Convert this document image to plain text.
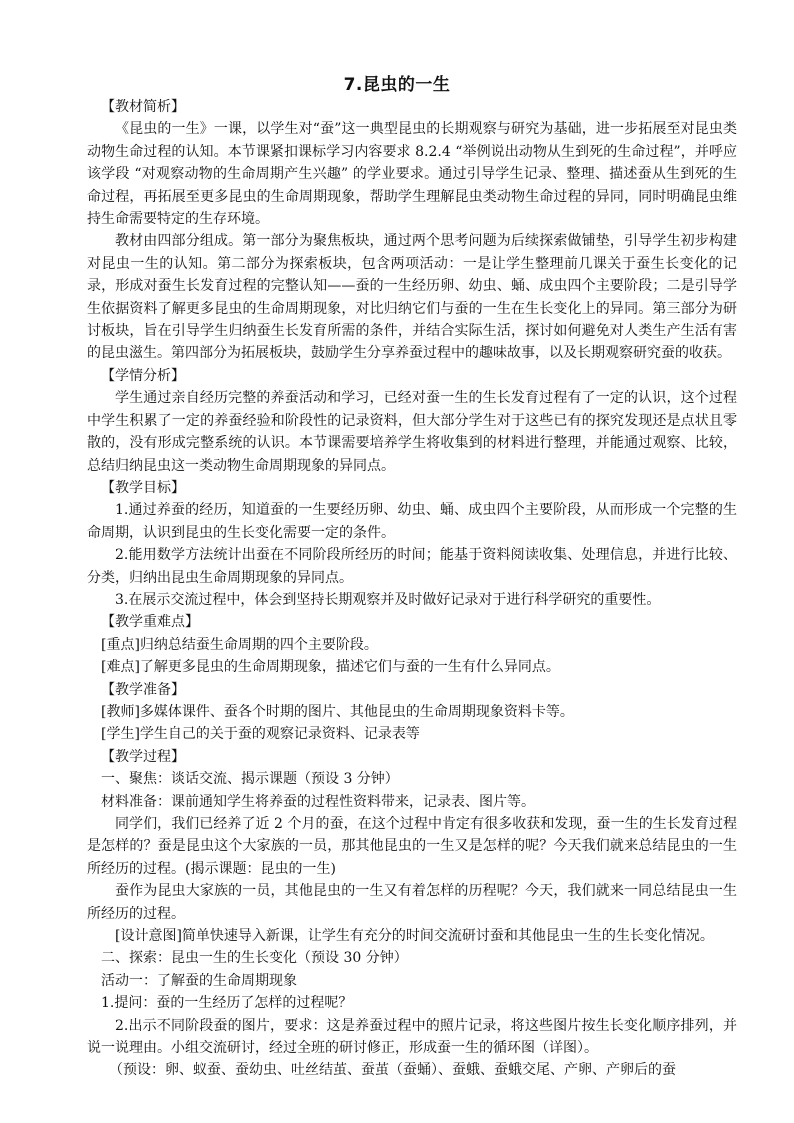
7.昆虫的一生

【教材简析】

《昆虫的一生》一课，以学生对“蚕”这一典型昆虫的长期观察与研究为基础，进一步拓展至对昆虫类动物生命过程的认知。本节课紧扣课标学习内容要求 8.2.4 “举例说出动物从生到死的生命过程”，并呼应该学段 “对观察动物的生命周期产生兴趣” 的学业要求。通过引导学生记录、整理、描述蚕从生到死的生命过程，再拓展至更多昆虫的生命周期现象，帮助学生理解昆虫类动物生命过程的异同，同时明确昆虫维持生命需要特定的生存环境。

教材由四部分组成。第一部分为聚焦板块，通过两个思考问题为后续探索做铺垫，引导学生初步构建对昆虫一生的认知。第二部分为探索板块，包含两项活动：一是让学生整理前几课关于蚕生长变化的记录，形成对蚕生长发育过程的完整认知——蚕的一生经历卵、幼虫、蛹、成虫四个主要阶段；二是引导学生依据资料了解更多昆虫的生命周期现象，对比归纳它们与蚕的一生在生长变化上的异同。第三部分为研讨板块，旨在引导学生归纳蚕生长发育所需的条件，并结合实际生活，探讨如何避免对人类生产生活有害的昆虫滋生。第四部分为拓展板块，鼓励学生分享养蚕过程中的趣味故事，以及长期观察研究蚕的收获。

【学情分析】

学生通过亲自经历完整的养蚕活动和学习，已经对蚕一生的生长发育过程有了一定的认识，这个过程中学生积累了一定的养蚕经验和阶段性的记录资料，但大部分学生对于这些已有的探究发现还是点状且零散的，没有形成完整系统的认识。本节课需要培养学生将收集到的材料进行整理，并能通过观察、比较，总结归纳昆虫这一类动物生命周期现象的异同点。

【教学目标】

1.通过养蚕的经历，知道蚕的一生要经历卵、幼虫、蛹、成虫四个主要阶段，从而形成一个完整的生命周期，认识到昆虫的生长变化需要一定的条件。

2.能用数学方法统计出蚕在不同阶段所经历的时间；能基于资料阅读收集、处理信息，并进行比较、分类，归纳出昆虫生命周期现象的异同点。

3.在展示交流过程中，体会到坚持长期观察并及时做好记录对于进行科学研究的重要性。

【教学重难点】

[重点]归纳总结蚕生命周期的四个主要阶段。

[难点]了解更多昆虫的生命周期现象，描述它们与蚕的一生有什么异同点。

【教学准备】

[教师]多媒体课件、蚕各个时期的图片、其他昆虫的生命周期现象资料卡等。

[学生]学生自己的关于蚕的观察记录资料、记录表等

【教学过程】

一、聚焦：谈话交流、揭示课题（预设 3 分钟）

材料准备：课前通知学生将养蚕的过程性资料带来，记录表、图片等。

同学们，我们已经养了近 2 个月的蚕，在这个过程中肯定有很多收获和发现，蚕一生的生长发育过程是怎样的？蚕是昆虫这个大家族的一员，那其他昆虫的一生又是怎样的呢？今天我们就来总结昆虫的一生所经历的过程。(揭示课题：昆虫的一生)

蚕作为昆虫大家族的一员，其他昆虫的一生又有着怎样的历程呢？今天，我们就来一同总结昆虫一生所经历的过程。

[设计意图]简单快速导入新课，让学生有充分的时间交流研讨蚕和其他昆虫一生的生长变化情况。

二、探索：昆虫一生的生长变化（预设 30 分钟）

活动一：了解蚕的生命周期现象

1.提问：蚕的一生经历了怎样的过程呢？

2.出示不同阶段蚕的图片，要求：这是养蚕过程中的照片记录，将这些图片按生长变化顺序排列，并说一说理由。小组交流研讨，经过全班的研讨修正，形成蚕一生的循环图（详图）。

（预设：卵、蚁蚕、蚕幼虫、吐丝结茧、蚕茧（蚕蛹）、蚕蛾、蚕蛾交尾、产卵、产卵后的蚕
